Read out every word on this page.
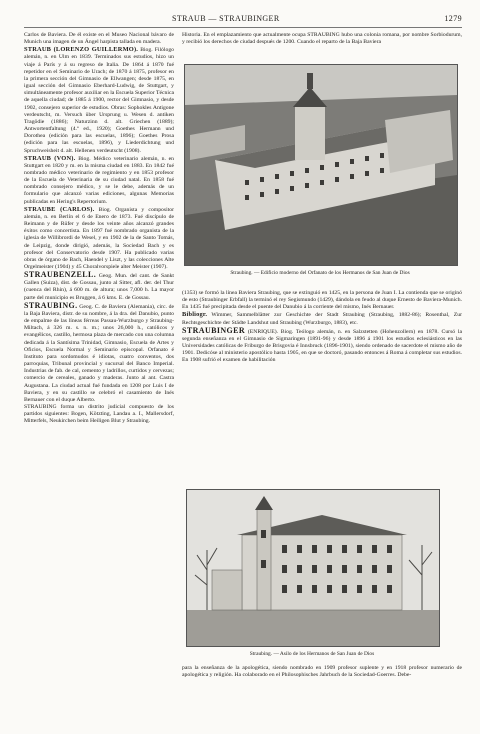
STRAUB — STRAUBINGER	1279

Carlos de Baviera. De él existe en el Museo Nacional bávaro de Munich una imagen de un Ángel harpista tallada en madera.

STRAUB (LORENZO GUILLERMO). Biog. Filólogo alemán, n. en Ulm en 1839. Terminados sus estudios, hizo un viaje á París y á su regreso de Italia. De 1864 á 1870 fué repetidor en el Seminario de Urach; de 1870 á 1875, profesor en la primera sección del Gimnasio de Ellwangen; desde 1875, en igual sección del Gimnasio Eberhard-Ludwig, de Stuttgart, y simultáneamente profesor auxiliar en la Escuela Superior Técnica de aquella ciudad; de 1885 á 1900, rector del Gimnasio, y desde 1902, consejero superior de estudios. Obras: Sophokles Antigone verdeutscht, m. Versuch über Ursprung u. Wesen d. antiken Tragödie (1886); Naturzinn d. alt. Griechen (1889); Antwortentfaltung (4.ª ed., 1920); Goethes Hermann und Dorothea (edición para las escuelas, 1896); Goethes Prosa (edición para las escuelas, 1896), y Liederdichtung und Spruchweisheit d. alt. Hellenen verdeutscht (1908).

STRAUB (VON). Biog. Médico veterinario alemán, n. en Stuttgart en 1820 y m. en la misma ciudad en 1883. En 1842 fué nombrado médico veterinario de regimiento y en 1853 profesor de la Escuela de Veterinaria de su ciudad natal. En 1858 fué nombrado consejero médico, y se le debe, además de un formulario que alcanzó varias ediciones, algunas Memorias publicadas en Hering's Repertorium.

STRAUBE (CARLOS). Biog. Organista y compositor alemán, n. en Berlín el 6 de Enero de 1873. Fué discípulo de Reimann y de Rüfer y desde los veinte años alcanzó grandes éxitos como concertista. En 1897 fué nombrado organista de la iglesia de Willibrordi de Wesel, y en 1902 de la de Santo Tomás, de Leipzig, donde dirigió, además, la Sociedad Bach y es profesor del Conservatorio desde 1907. Ha publicado varias obras de órgano de Bach, Haendel y Liszt, y las colecciones Alte Orgelmeister (1904) y 45 Choralvorspiele alter Meister (1907).

STRAUBENZELL. Geog. Mun. del cant. de Sankt Gallen (Suiza), dist. de Gossau, junto al Sitter, afl. der. del Thur (cuenca del Rhin), á 600 m. de altura; unos 7,000 h. La mayor parte del municipio es Bruggen, á 6 kms. E. de Gossau.

STRAUBING. Geog. C. de Baviera (Alemania), circ. de la Baja Baviera, distr. de su nombre, á la dra. del Danubio, punto de empalme de las líneas férreas Passau-Wurzburgo y Straubing-Miltach, á 326 m. s. n. m.; unos 26,000 h., católicos y evangélicos, castillo, hermosa plaza de mercado con una columna dedicada á la Santísima Trinidad, Gimnasio, Escuela de Artes y Oficios, Escuela Normal y Seminario episcopal. Orfanato é Instituto para sordomudos é idiotas, cuatro conventos, dos parroquias, Tribunal provincial y sucursal del Banco Imperial. Industrias de fab. de cal, cemento y ladrillos, curtidos y cervezas; comercio de cereales, ganado y maderas. Junto al ant. Castra Augustana. La ciudad actual fué fundada en 1208 por Luis I de Baviera, y en su castillo se celebró el casamiento de Inés Bernauer con el duque Alberto.

STRAUBING forma un distrito judicial compuesto de los partidos siguientes: Bogen, Kötzting, Landau a. I., Mallersdorf, Mitterfels, Neukirchen beim Heiligen Blut y Straubing.

Historia. En el emplazamiento que actualmente ocupa STRAUBING hubo una colonia romana, por nombre Sorbiodurum, y recibió los derechos de ciudad después de 1200. Cuando el reparto de la Baja Baviera

Straubing. — Edificio moderno del Orfanato de los Hermanos de San Juan de Dios

(1353) se formó la línea Baviera Straubing, que se extinguió en 1425, en la persona de Juan I. La contienda que se originó de esto (Straubinger Erbfall) la terminó el rey Segismundo (1429), dándola en feudo al duque Ernesto de Baviera-Munich. En 1435 fué precipitada desde el puente del Danubio á la corriente del mismo, Inés Bernauer.

Bibliogr. Wimmer, Sammelblätter zur Geschichte der Stadt Straubing (Straubing, 1882-86); Rosenthal, Zur Rechtsgeschichte der Städte Landshut und Straubing (Wurzburgo, 1883), etc.

STRAUBINGER (ENRIQUE). Biog. Teólogo alemán, n. en Salzstetten (Hohenzollern) en 1878. Cursó la segunda enseñanza en el Gimnasio de Sigmaringen (1891-96) y desde 1896 á 1901 los estudios eclesiásticos en las Universidades católicas de Friburgo de Brisgovia é Innsbruck (1896-1901), siendo ordenado de sacerdote el mismo año de 1901. Dedicóse al ministerio apostólico hasta 1905, en que se doctoró, pasando entonces á Roma á completar sus estudios. En 1908 sufrió el examen de habilitación

Straubing. — Asilo de los Hermanos de San Juan de Dios

para la enseñanza de la apologética, siendo nombrado en 1909 profesor suplente y en 1918 profesor numerario de apologética y religión. Ha colaborado en el Philosophisches Jahrbuch de la Sociedad-Goerres. Debe-
